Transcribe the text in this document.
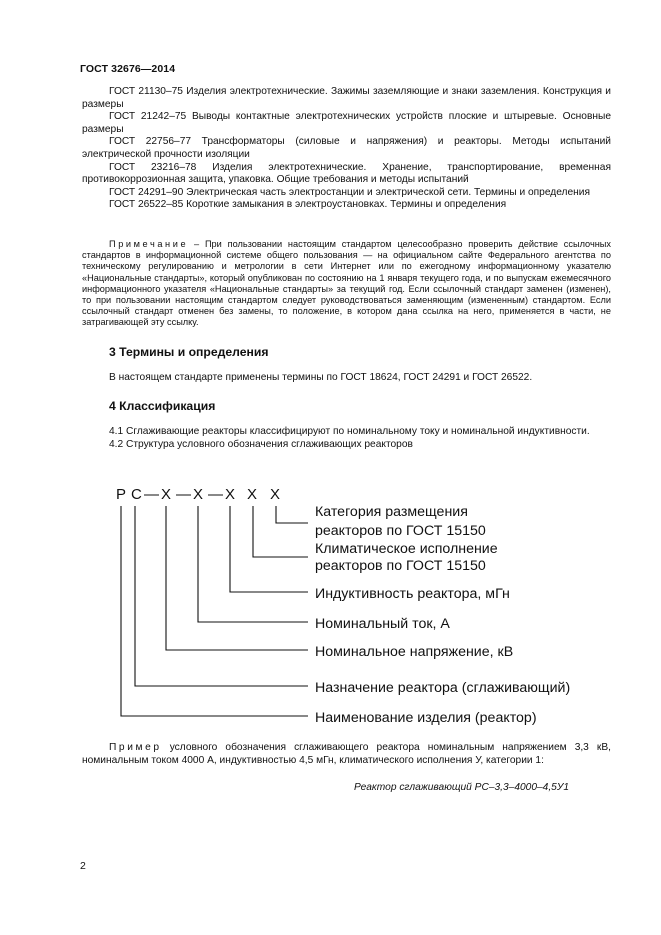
ГОСТ 32676—2014

ГОСТ 21130–75 Изделия электротехнические. Зажимы заземляющие и знаки заземления. Конструкция и размеры

ГОСТ 21242–75 Выводы контактные электротехнических устройств плоские и штыревые. Основные размеры

ГОСТ 22756–77 Трансформаторы (силовые и напряжения) и реакторы. Методы испытаний электрической прочности изоляции

ГОСТ 23216–78 Изделия электротехнические. Хранение, транспортирование, временная противокоррозионная защита, упаковка. Общие требования и методы испытаний

ГОСТ 24291–90 Электрическая часть электростанции и электрической сети. Термины и определения

ГОСТ 26522–85 Короткие замыкания в электроустановках. Термины и определения

Примечание – При пользовании настоящим стандартом целесообразно проверить действие ссылочных стандартов в информационной системе общего пользования — на официальном сайте Федерального агентства по техническому регулированию и метрологии в сети Интернет или по ежегодному информационному указателю «Национальные стандарты», который опубликован по состоянию на 1 января текущего года, и по выпускам ежемесячного информационного указателя «Национальные стандарты» за текущий год. Если ссылочный стандарт заменен (изменен), то при пользовании настоящим стандартом следует руководствоваться заменяющим (измененным) стандартом. Если ссылочный стандарт отменен без замены, то положение, в котором дана ссылка на него, применяется в части, не затрагивающей эту ссылку.

3 Термины и определения
В настоящем стандарте применены термины по ГОСТ 18624, ГОСТ 24291 и ГОСТ 26522.
4 Классификация

4.1 Сглаживающие реакторы классифицируют по номинальному току и номинальной индуктивности.

4.2 Структура условного обозначения сглаживающих реакторов

Р С — Х — Х — Х Х Х
Категория размещения
реакторов по ГОСТ 15150
Климатическое исполнение
реакторов по ГОСТ 15150
Индуктивность реактора, мГн
Номинальный ток, А
Номинальное напряжение, кВ
Назначение реактора (сглаживающий)
Наименование изделия (реактор)

Пример условного обозначения сглаживающего реактора номинальным напряжением 3,3 кВ, номинальным током 4000 А, индуктивностью 4,5 мГн, климатического исполнения У, категории 1:

Реактор сглаживающий РС–3,3–4000–4,5У1
2
